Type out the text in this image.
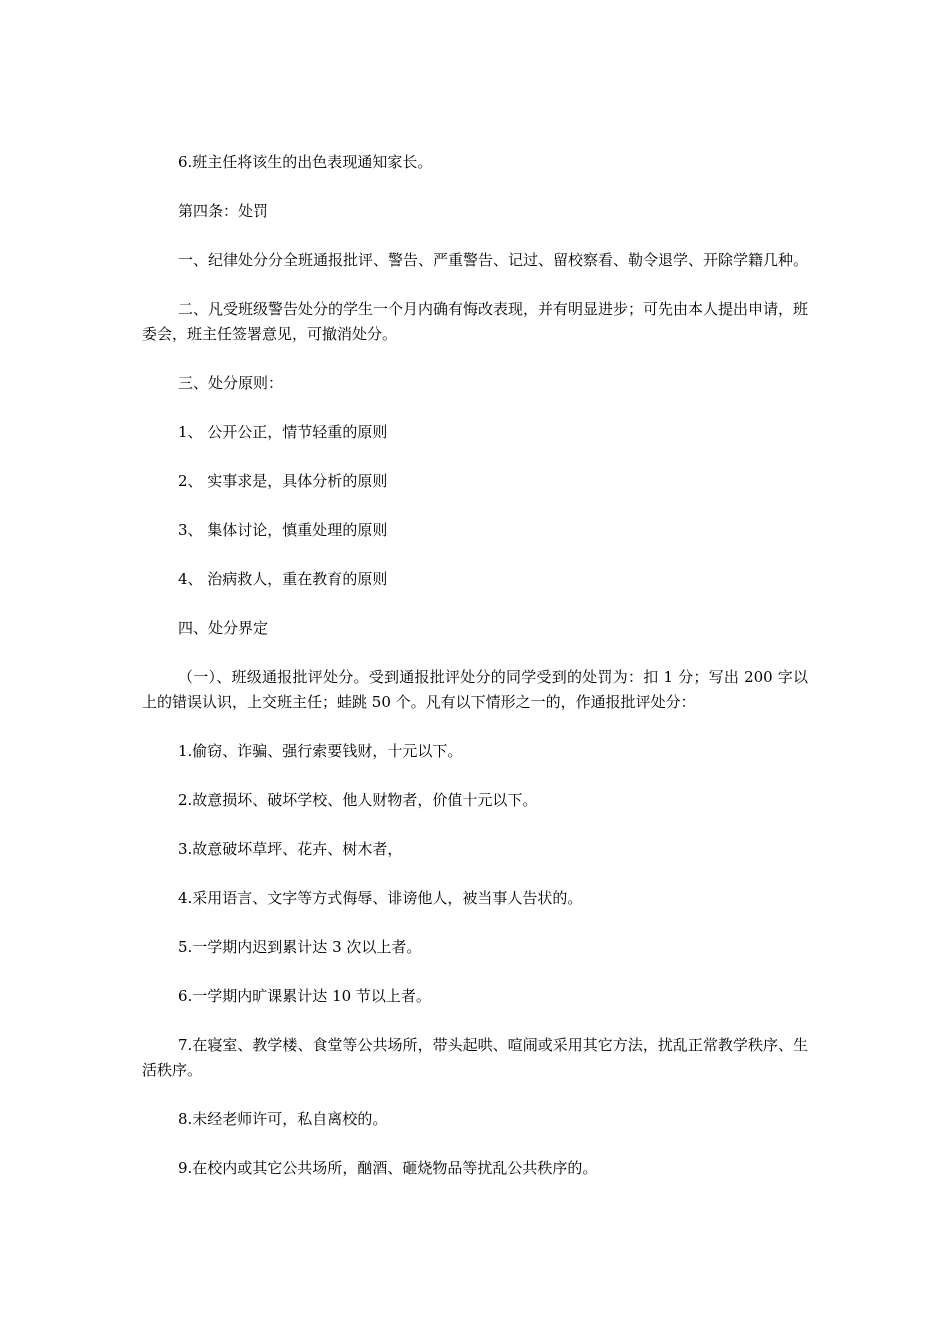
6.班主任将该生的出色表现通知家长。

第四条：处罚

一、纪律处分分全班通报批评、警告、严重警告、记过、留校察看、勒令退学、开除学籍几种。

二、凡受班级警告处分的学生一个月内确有悔改表现，并有明显进步；可先由本人提出申请，班委会，班主任签署意见，可撤消处分。

三、处分原则：

1、 公开公正，情节轻重的原则

2、 实事求是，具体分析的原则

3、 集体讨论，慎重处理的原则

4、 治病救人，重在教育的原则

四、处分界定

（一）、班级通报批评处分。受到通报批评处分的同学受到的处罚为：扣 1 分；写出 200 字以上的错误认识，上交班主任；蛙跳 50 个。凡有以下情形之一的，作通报批评处分：

1.偷窃、诈骗、强行索要钱财，十元以下。

2.故意损坏、破坏学校、他人财物者，价值十元以下。

3.故意破坏草坪、花卉、树木者，

4.采用语言、文字等方式侮辱、诽谤他人，被当事人告状的。

5.一学期内迟到累计达 3 次以上者。

6.一学期内旷课累计达 10 节以上者。

7.在寝室、教学楼、食堂等公共场所，带头起哄、喧闹或采用其它方法，扰乱正常教学秩序、生活秩序。

8.未经老师许可，私自离校的。

9.在校内或其它公共场所，酗酒、砸烧物品等扰乱公共秩序的。
